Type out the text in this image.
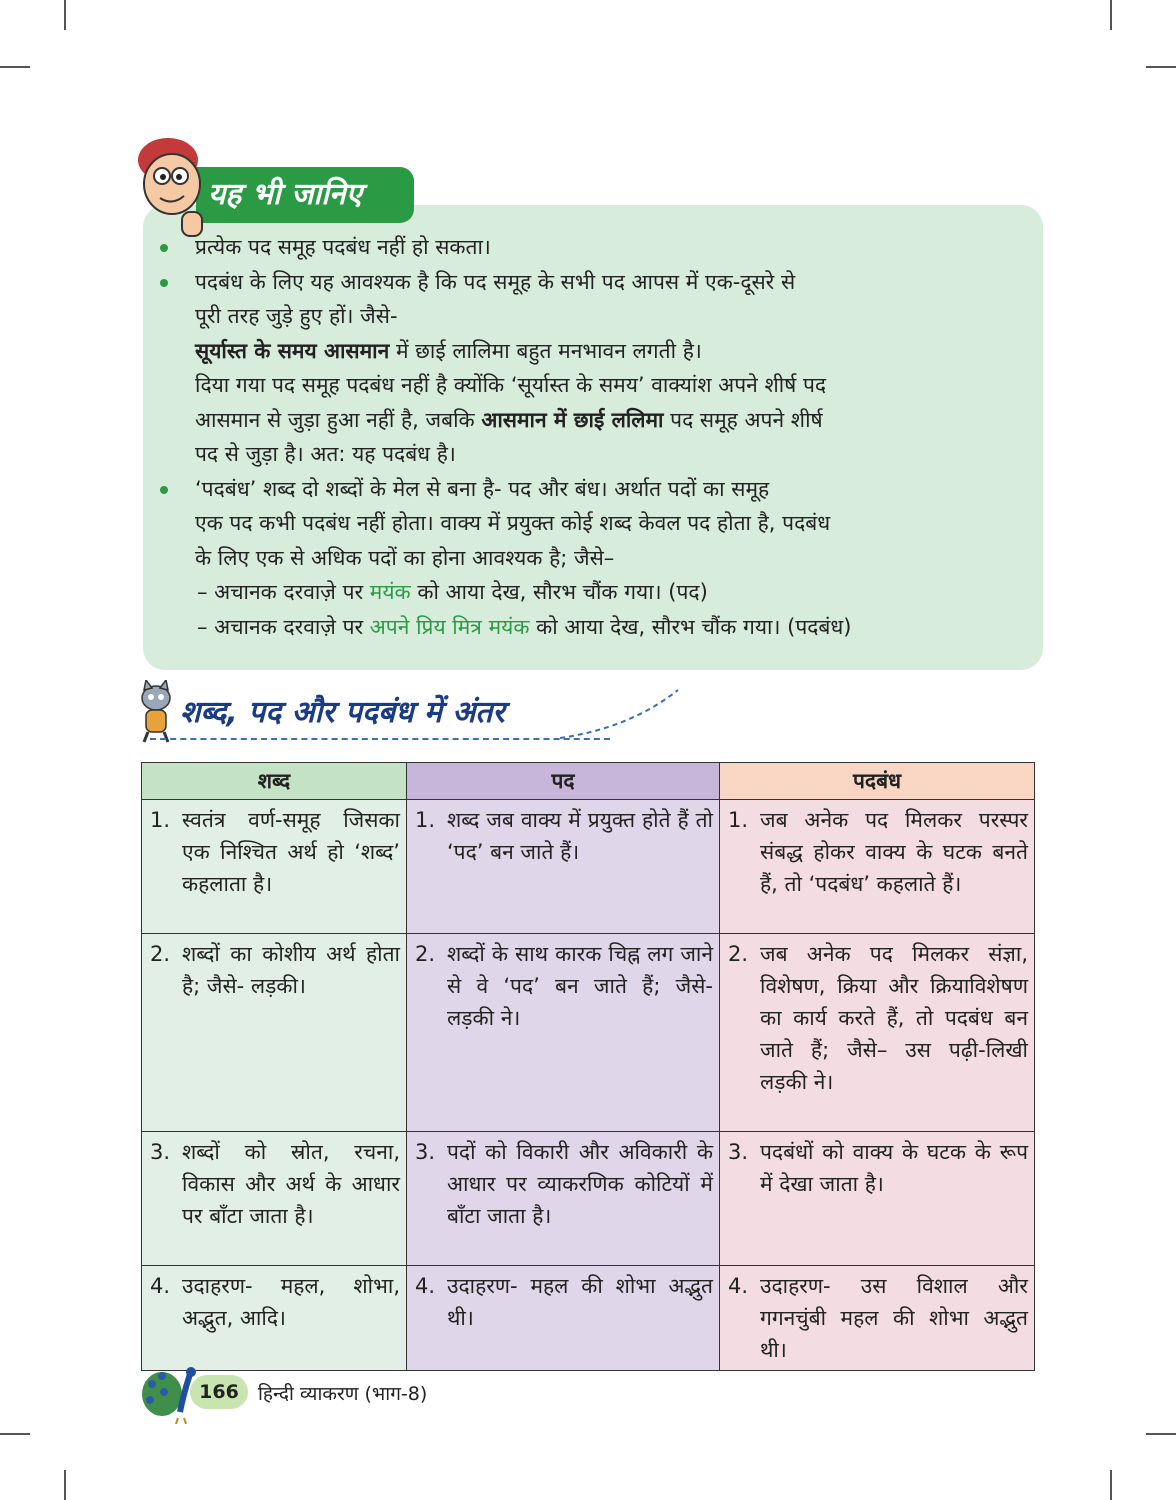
यह भी जानिए
प्रत्येक पद समूह पदबंध नहीं हो सकता।
पदबंध के लिए यह आवश्यक है कि पद समूह के सभी पद आपस में एक-दूसरे से
पूरी तरह जुड़े हुए हों। जैसे-
सूर्यास्त के समय आसमान में छाई लालिमा बहुत मनभावन लगती है।
दिया गया पद समूह पदबंध नहीं है क्योंकि ‘सूर्यास्त के समय’ वाक्यांश अपने शीर्ष पद
आसमान से जुड़ा हुआ नहीं है, जबकि आसमान में छाई ललिमा पद समूह अपने शीर्ष
पद से जुड़ा है। अत: यह पदबंध है।
‘पदबंध’ शब्द दो शब्दों के मेल से बना है- पद और बंध। अर्थात पदों का समूह
एक पद कभी पदबंध नहीं होता। वाक्य में प्रयुक्त कोई शब्द केवल पद होता है, पदबंध
के लिए एक से अधिक पदों का होना आवश्यक है; जैसे–
– अचानक दरवाज़े पर मयंक को आया देख, सौरभ चौंक गया। (पद)
– अचानक दरवाज़े पर अपने प्रिय मित्र मयंक को आया देख, सौरभ चौंक गया। (पदबंध)
शब्द, पद और पदबंध में अंतर
शब्द	पद	पदबंध

1. स्वतंत्र वर्ण-समूह जिसका एक निश्चित अर्थ हो ‘शब्द’ कहलाता है।	1. शब्द जब वाक्य में प्रयुक्त होते हैं तो ‘पद’ बन जाते हैं।	1. जब अनेक पद मिलकर परस्पर संबद्ध होकर वाक्य के घटक बनते हैं, तो ‘पदबंध’ कहलाते हैं।

2. शब्दों का कोशीय अर्थ होता है; जैसे- लड़की।	2. शब्दों के साथ कारक चिह्न लग जाने से वे ‘पद’ बन जाते हैं; जैसे- लड़की ने।	2. जब अनेक पद मिलकर संज्ञा, विशेषण, क्रिया और क्रियाविशेषण का कार्य करते हैं, तो पदबंध बन जाते हैं; जैसे– उस पढ़ी-लिखी लड़की ने।

3. शब्दों को स्रोत, रचना, विकास और अर्थ के आधार पर बाँटा जाता है।	3. पदों को विकारी और अविकारी के आधार पर व्याकरणिक कोटियों में बाँटा जाता है।	3. पदबंधों को वाक्य के घटक के रूप में देखा जाता है।

4. उदाहरण- महल, शोभा, अद्भुत, आदि।	4. उदाहरण- महल की शोभा अद्भुत थी।	4. उदाहरण- उस विशाल और गगनचुंबी महल की शोभा अद्भुत थी।
166	हिन्दी व्याकरण (भाग-8)
